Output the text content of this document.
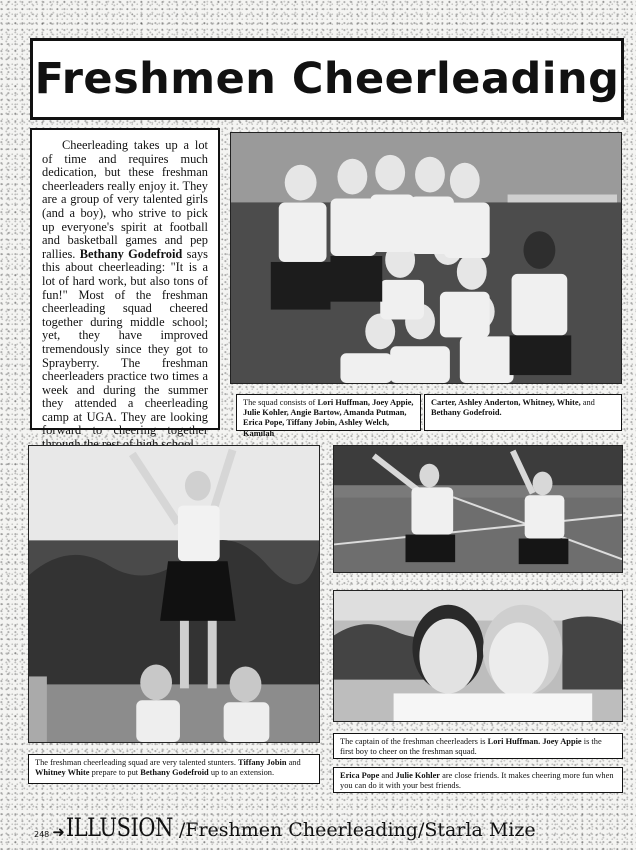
Freshmen Cheerleading

Cheerleading takes up a lot of time and requires much dedication, but these freshman cheerleaders really enjoy it. They are a group of very talented girls (and a boy), who strive to pick up everyone's spirit at football and basketball games and pep rallies. Bethany Godefroid says this about cheerleading: "It is a lot of hard work, but also tons of fun!" Most of the freshman cheerleading squad cheered together during middle school; yet, they have improved tremendously since they got to Sprayberry. The freshman cheerleaders practice two times a week and during the summer they attended a cheerleading camp at UGA. They are looking forward to cheering together

The squad consists of Lori Huffman, Joey Appie, Julie Kohler, Angie Bartow, Amanda Putman, Erica Pope, Tiffany Jobin, Ashley Welch, Kamilah
Carter, Ashley Anderton, Whitney, White, and Bethany Godefroid.
The freshman cheerleading squad are very talented stunters. Tiffany Jobin and Whitney White prepare to put Bethany Godefroid up to an extension.
The captain of the freshman cheerleaders is Lori Huffman. Joey Appie is the first boy to cheer on the freshman squad.
Erica Pope and Julie Kohler are close friends. It makes cheering more fun when you can do it with your best friends.
248 ➜ ILLUSION /Freshmen Cheerleading/Starla Mize
